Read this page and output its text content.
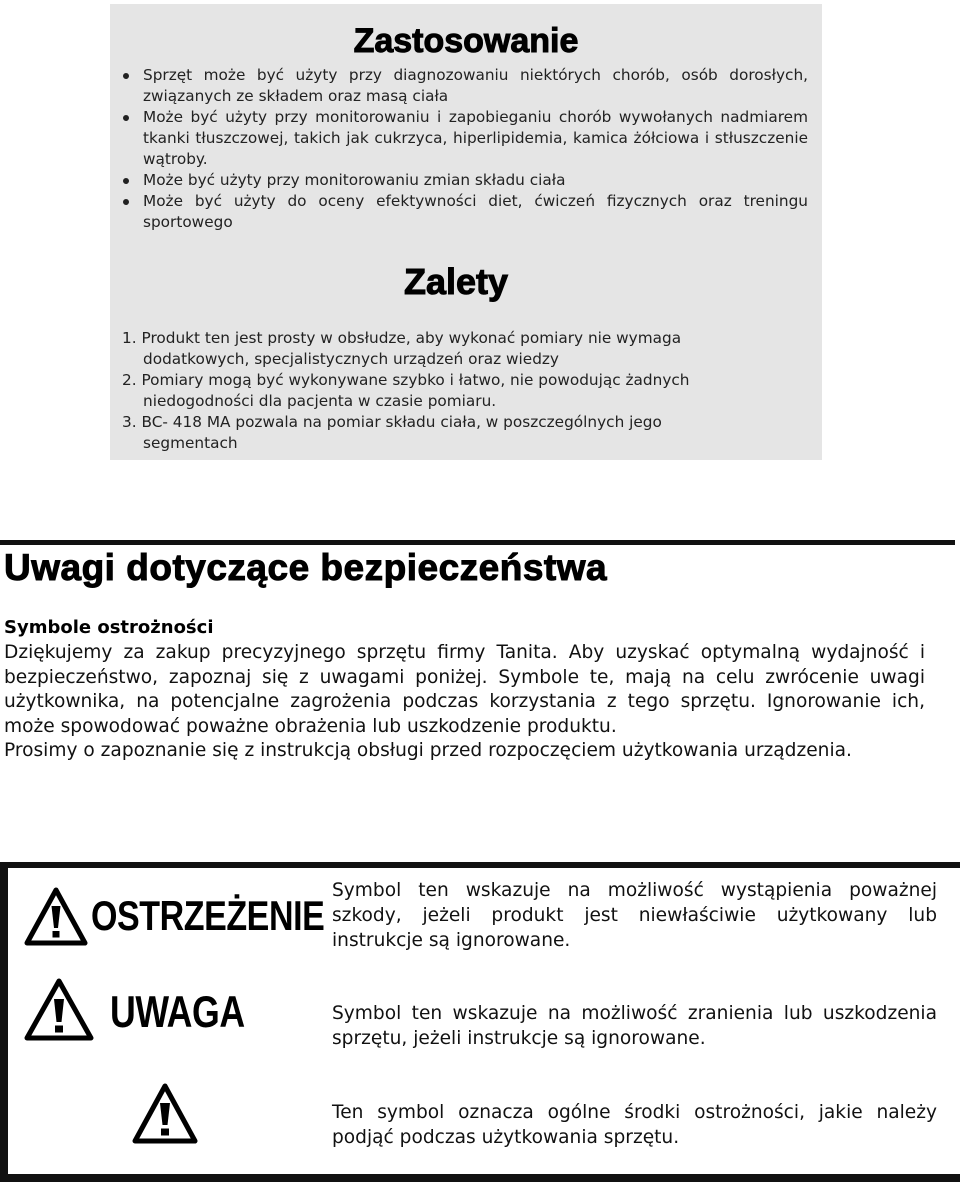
Zastosowanie
Sprzęt może być użyty przy diagnozowaniu niektórych chorób, osób dorosłych, związanych ze składem oraz masą ciała
Może być użyty przy monitorowaniu i zapobieganiu chorób wywołanych nadmiarem tkanki tłuszczowej, takich jak cukrzyca, hiperlipidemia, kamica żółciowa i stłuszczenie wątroby.
Może być użyty przy monitorowaniu zmian składu ciała
Może być użyty do oceny efektywności diet, ćwiczeń fizycznych oraz treningu sportowego
Zalety
1. Produkt ten jest prosty w obsłudze, aby wykonać pomiary nie wymaga
dodatkowych, specjalistycznych urządzeń oraz wiedzy
2. Pomiary mogą być wykonywane szybko i łatwo, nie powodując żadnych
niedogodności dla pacjenta w czasie pomiaru.
3. BC- 418 MA pozwala na pomiar składu ciała, w poszczególnych jego
segmentach
Uwagi dotyczące bezpieczeństwa
Symbole ostrożności

Dziękujemy za zakup precyzyjnego sprzętu firmy Tanita. Aby uzyskać optymalną wydajność i bezpieczeństwo, zapoznaj się z uwagami poniżej. Symbole te, mają na celu zwrócenie uwagi użytkownika, na potencjalne zagrożenia podczas korzystania z tego sprzętu. Ignorowanie ich, może spowodować poważne obrażenia lub uszkodzenie produktu.

Prosimy o zapoznanie się z instrukcją obsługi przed rozpoczęciem użytkowania urządzenia.

OSTRZEŻENIE
Symbol ten wskazuje na możliwość wystąpienia poważnej szkody, jeżeli produkt jest niewłaściwie użytkowany lub instrukcje są ignorowane.
UWAGA	Symbol ten wskazuje na możliwość zranienia lub uszkodzenia sprzętu, jeżeli instrukcje są ignorowane.
Ten symbol oznacza ogólne środki ostrożności, jakie należy podjąć podczas użytkowania sprzętu.
